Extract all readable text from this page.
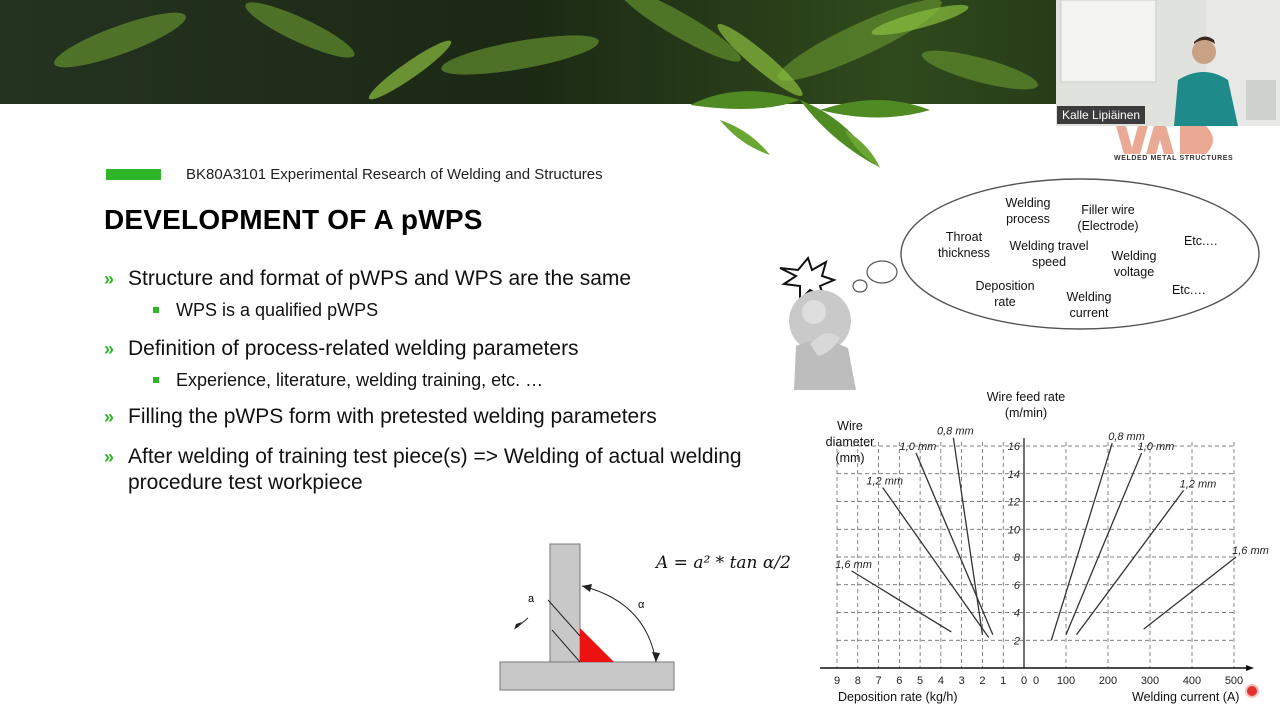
Kalle Lipiäinen
WELDED METAL STRUCTURES
BK80A3101 Experimental Research of Welding and Structures
DEVELOPMENT OF A pWPS
» Structure and format of pWPS and WPS are the same
WPS is a qualified pWPS
» Definition of process-related welding parameters
Experience, literature, welding training, etc. …
» Filling the pWPS form with pretested welding parameters
» After welding of training test piece(s) => Welding of actual welding procedure test workpiece
Welding process
Filler wire (Electrode)
Throat thickness	Welding travel speed	Welding voltage
Etc.…
Deposition rate	Welding current
Etc.…
a	α
A = a² * tan α/2
2
4
6
8
10
12
14
16
9 8 7 6 5 4 3 2 1 0 0 100 200 300 400 500
0,8 mm
1,0 mm
1,2 mm
1,6 mm
0,8 mm
1,0 mm
1,2 mm
1,6 mm
Wire feed rate (m/min)
Wire diameter (mm)
Deposition rate (kg/h)	Welding current (A)
